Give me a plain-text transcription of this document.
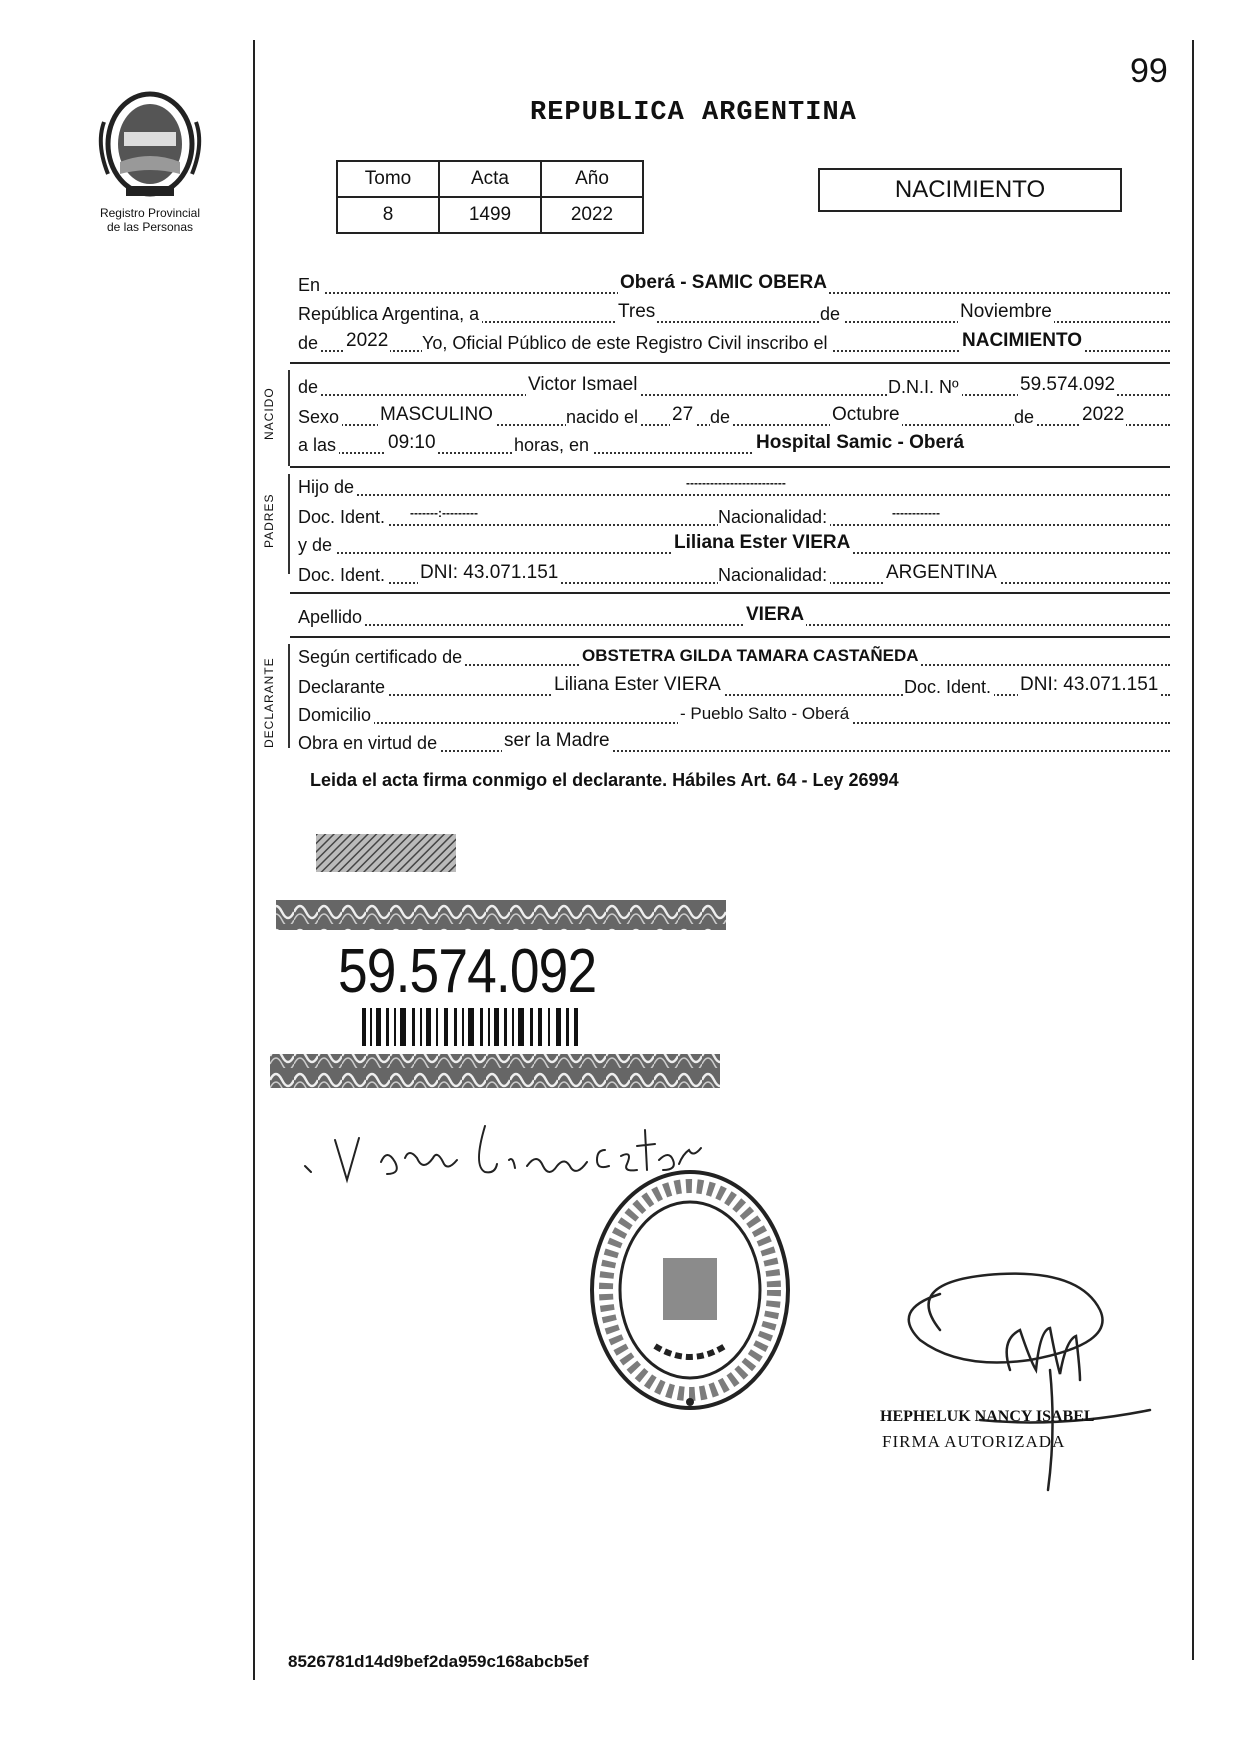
99
REPUBLICA ARGENTINA
Registro Provincial
de las Personas
Tomo	Acta	Año
8	1499	2022
NACIMIENTO
En	Oberá - SAMIC OBERA
República Argentina, a	Tres	de	Noviembre
de 2022 Yo, Oficial Público de este Registro Civil inscribo el	NACIMIENTO
NACIDO
de	Victor Ismael	D.N.I. Nº	59.574.092
Sexo MASCULINO	nacido el 27 de	Octubre	de	2022
a las	09:10	horas, en	Hospital Samic - Oberá
PADRES
Hijo de	-------------------------
Doc. Ident. -------:---------	Nacionalidad:	------------
y de	Liliana Ester VIERA
Doc. Ident. DNI: 43.071.151	Nacionalidad:	ARGENTINA
Apellido	VIERA
DECLARANTE
Según certificado de	OBSTETRA GILDA TAMARA CASTAÑEDA
Declarante	Liliana Ester VIERA	Doc. Ident. DNI: 43.071.151
Domicilio	- Pueblo Salto - Oberá
Obra en virtud de	ser la Madre
Leida el acta firma conmigo el declarante. Hábiles Art. 64 - Ley 26994
59.574.092
HEPHELUK NANCY ISABEL
FIRMA AUTORIZADA
8526781d14d9bef2da959c168abcb5ef
